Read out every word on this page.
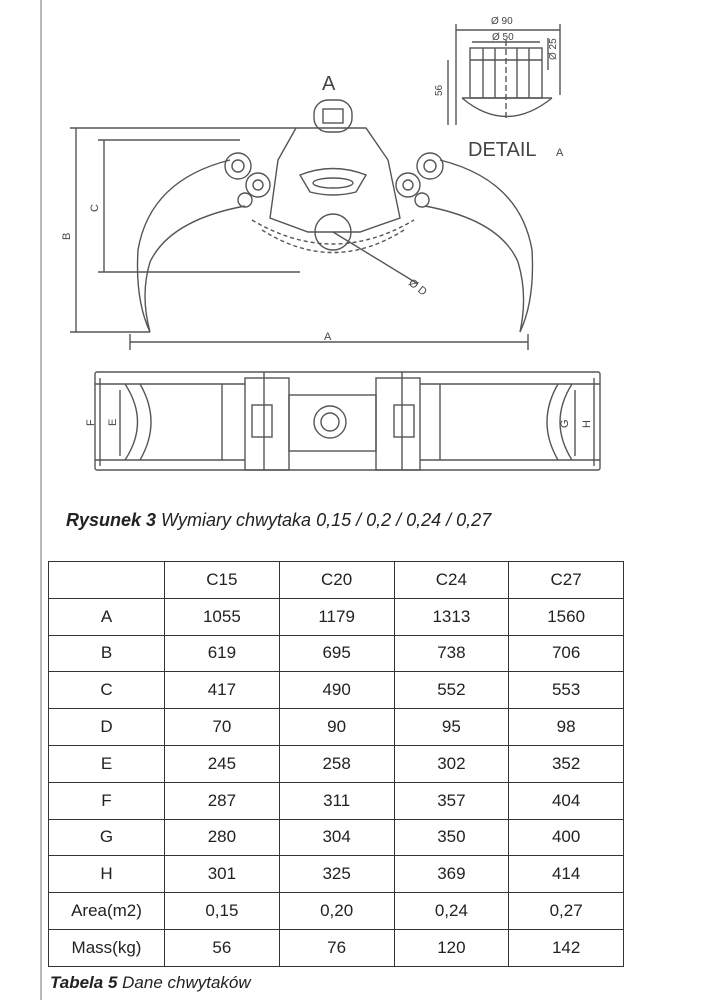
A
DETAIL A
Ø 90
Ø 50
Ø 25
56
B
C
A
Ø D
F E	G H
Rysunek 3 Wymiary chwytaka 0,15 / 0,2 / 0,24 / 0,27
	C15	C20	C24	C27
A	1055	1179	1313	1560
B	619	695	738	706
C	417	490	552	553
D	70	90	95	98
E	245	258	302	352
F	287	311	357	404
G	280	304	350	400
H	301	325	369	414
Area(m2)	0,15	0,20	0,24	0,27
Mass(kg)	56	76	120	142
Tabela 5 Dane chwytaków
